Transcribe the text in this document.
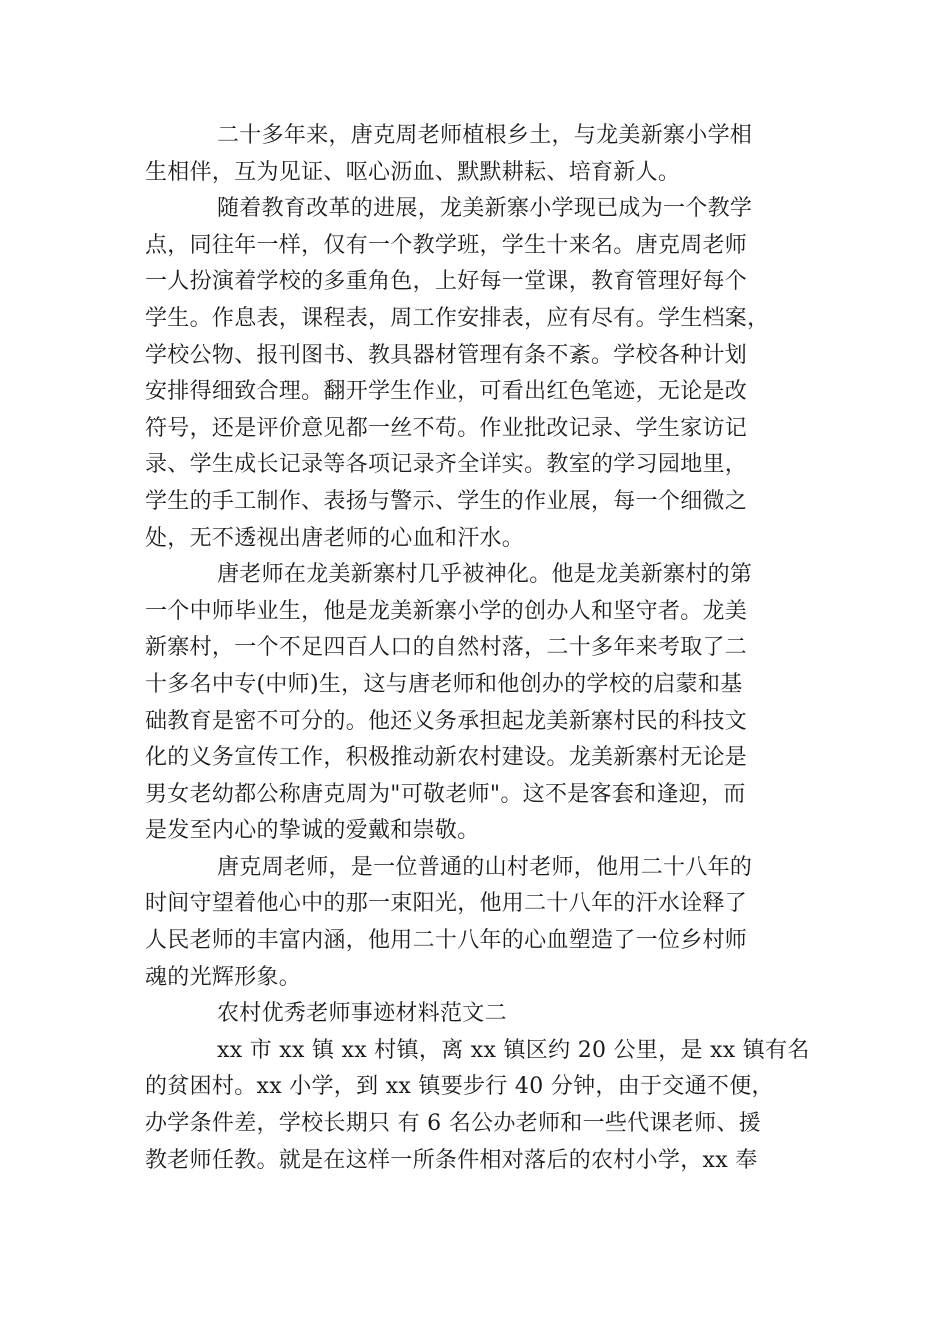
二十多年来，唐克周老师植根乡土，与龙美新寨小学相
生相伴，互为见证、呕心沥血、默默耕耘、培育新人。
随着教育改革的进展，龙美新寨小学现已成为一个教学
点，同往年一样，仅有一个教学班，学生十来名。唐克周老师
一人扮演着学校的多重角色，上好每一堂课，教育管理好每个
学生。作息表，课程表，周工作安排表，应有尽有。学生档案，
学校公物、报刊图书、教具器材管理有条不紊。学校各种计划
安排得细致合理。翻开学生作业，可看出红色笔迹，无论是改
符号，还是评价意见都一丝不苟。作业批改记录、学生家访记
录、学生成长记录等各项记录齐全详实。教室的学习园地里，
学生的手工制作、表扬与警示、学生的作业展，每一个细微之
处，无不透视出唐老师的心血和汗水。
唐老师在龙美新寨村几乎被神化。他是龙美新寨村的第
一个中师毕业生，他是龙美新寨小学的创办人和坚守者。龙美
新寨村，一个不足四百人口的自然村落，二十多年来考取了二
十多名中专(中师)生，这与唐老师和他创办的学校的启蒙和基
础教育是密不可分的。他还义务承担起龙美新寨村民的科技文
化的义务宣传工作，积极推动新农村建设。龙美新寨村无论是
男女老幼都公称唐克周为"可敬老师"。这不是客套和逢迎，而
是发至内心的挚诚的爱戴和崇敬。
唐克周老师，是一位普通的山村老师，他用二十八年的
时间守望着他心中的那一束阳光，他用二十八年的汗水诠释了
人民老师的丰富内涵，他用二十八年的心血塑造了一位乡村师
魂的光辉形象。
农村优秀老师事迹材料范文二
xx 市 xx 镇 xx 村镇，离 xx 镇区约 20 公里，是 xx 镇有名
的贫困村。xx 小学，到 xx 镇要步行 40 分钟，由于交通不便，
办学条件差，学校长期只 有 6 名公办老师和一些代课老师、援
教老师任教。就是在这样一所条件相对落后的农村小学，xx 奉
